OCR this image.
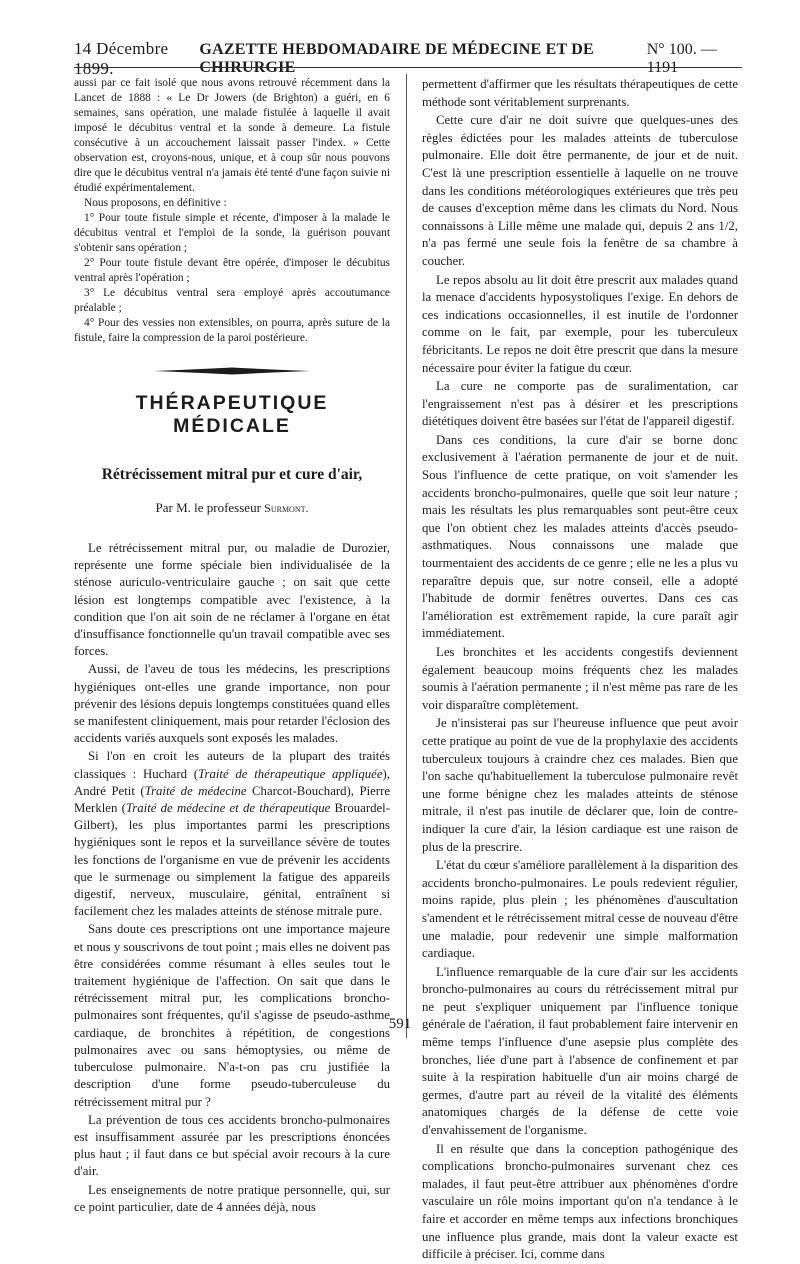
14 Décembre 1899.
GAZETTE HEBDOMADAIRE DE MÉDECINE ET DE CHIRURGIE
N° 100. — 1191

aussi par ce fait isolé que nous avons retrouvé récemment dans la Lancet de 1888 : « Le Dr Jowers (de Brighton) a guéri, en 6 semaines, sans opération, une malade fistulée à laquelle il avait imposé le décubitus ventral et la sonde à demeure. La fistule consécutive à un accouchement laissait passer l'index. » Cette observation est, croyons-nous, unique, et à coup sûr nous pouvons dire que le décubitus ventral n'a jamais été tenté d'une façon suivie ni étudié expérimentalement.

Nous proposons, en définitive :

1° Pour toute fistule simple et récente, d'imposer à la malade le décubitus ventral et l'emploi de la sonde, la guérison pouvant s'obtenir sans opération ;

2° Pour toute fistule devant être opérée, d'imposer le décubitus ventral après l'opération ;

3° Le décubitus ventral sera employé après accoutumance préalable ;

4° Pour des vessies non extensibles, on pourra, après suture de la fistule, faire la compression de la paroi postérieure.

THÉRAPEUTIQUE MÉDICALE
Rétrécissement mitral pur et cure d'air,
Par M. le professeur Surmont.

Le rétrécissement mitral pur, ou maladie de Durozier, représente une forme spéciale bien individualisée de la sténose auriculo-ventriculaire gauche ; on sait que cette lésion est longtemps compatible avec l'existence, à la condition que l'on ait soin de ne réclamer à l'organe en état d'insuffisance fonctionnelle qu'un travail compatible avec ses forces.

Aussi, de l'aveu de tous les médecins, les prescriptions hygiéniques ont-elles une grande importance, non pour prévenir des lésions depuis longtemps constituées quand elles se manifestent cliniquement, mais pour retarder l'éclosion des accidents variés auxquels sont exposés les malades.

Si l'on en croit les auteurs de la plupart des traités classiques : Huchard (Traité de thérapeutique appliquée), André Petit (Traité de médecine Charcot-Bouchard), Pierre Merklen (Traité de médecine et de thérapeutique Brouardel-Gilbert), les plus importantes parmi les prescriptions hygiéniques sont le repos et la surveillance sévère de toutes les fonctions de l'organisme en vue de prévenir les accidents que le surmenage ou simplement la fatigue des appareils digestif, nerveux, musculaire, génital, entraînent si facilement chez les malades atteints de sténose mitrale pure.

Sans doute ces prescriptions ont une importance majeure et nous y souscrivons de tout point ; mais elles ne doivent pas être considérées comme résumant à elles seules tout le traitement hygiénique de l'affection. On sait que dans le rétrécissement mitral pur, les complications broncho-pulmonaires sont fréquentes, qu'il s'agisse de pseudo-asthme cardiaque, de bronchites à répétition, de congestions pulmonaires avec ou sans hémoptysies, ou même de tuberculose pulmonaire. N'a-t-on pas cru justifiée la description d'une forme pseudo-tuberculeuse du rétrécissement mitral pur ?

La prévention de tous ces accidents broncho-pulmonaires est insuffisamment assurée par les prescriptions énoncées plus haut ; il faut dans ce but spécial avoir recours à la cure d'air.

Les enseignements de notre pratique personnelle, qui, sur ce point particulier, date de 4 années déjà, nous

permettent d'affirmer que les résultats thérapeutiques de cette méthode sont véritablement surprenants.

Cette cure d'air ne doit suivre que quelques-unes des règles édictées pour les malades atteints de tuberculose pulmonaire. Elle doit être permanente, de jour et de nuit. C'est là une prescription essentielle à laquelle on ne trouve dans les conditions météorologiques extérieures que très peu de causes d'exception même dans les climats du Nord. Nous connaissons à Lille même une malade qui, depuis 2 ans 1/2, n'a pas fermé une seule fois la fenêtre de sa chambre à coucher.

Le repos absolu au lit doit être prescrit aux malades quand la menace d'accidents hyposystoliques l'exige. En dehors de ces indications occasionnelles, il est inutile de l'ordonner comme on le fait, par exemple, pour les tuberculeux fébricitants. Le repos ne doit être prescrit que dans la mesure nécessaire pour éviter la fatigue du cœur.

La cure ne comporte pas de suralimentation, car l'engraissement n'est pas à désirer et les prescriptions diététiques doivent être basées sur l'état de l'appareil digestif.

Dans ces conditions, la cure d'air se borne donc exclusivement à l'aération permanente de jour et de nuit. Sous l'influence de cette pratique, on voit s'amender les accidents broncho-pulmonaires, quelle que soit leur nature ; mais les résultats les plus remarquables sont peut-être ceux que l'on obtient chez les malades atteints d'accès pseudo-asthmatiques. Nous connaissons une malade que tourmentaient des accidents de ce genre ; elle ne les a plus vu reparaître depuis que, sur notre conseil, elle a adopté l'habitude de dormir fenêtres ouvertes. Dans ces cas l'amélioration est extrêmement rapide, la cure paraît agir immédiatement.

Les bronchites et les accidents congestifs deviennent également beaucoup moins fréquents chez les malades soumis à l'aération permanente ; il n'est même pas rare de les voir disparaître complètement.

Je n'insisterai pas sur l'heureuse influence que peut avoir cette pratique au point de vue de la prophylaxie des accidents tuberculeux toujours à craindre chez ces malades. Bien que l'on sache qu'habituellement la tuberculose pulmonaire revêt une forme bénigne chez les malades atteints de sténose mitrale, il n'est pas inutile de déclarer que, loin de contre-indiquer la cure d'air, la lésion cardiaque est une raison de plus de la prescrire.

L'état du cœur s'améliore parallèlement à la disparition des accidents broncho-pulmonaires. Le pouls redevient régulier, moins rapide, plus plein ; les phénomènes d'auscultation s'amendent et le rétrécissement mitral cesse de nouveau d'être une maladie, pour redevenir une simple malformation cardiaque.

L'influence remarquable de la cure d'air sur les accidents broncho-pulmonaires au cours du rétrécissement mitral pur ne peut s'expliquer uniquement par l'influence tonique générale de l'aération, il faut probablement faire intervenir en même temps l'influence d'une asepsie plus complète des bronches, liée d'une part à l'absence de confinement et par suite à la respiration habituelle d'un air moins chargé de germes, d'autre part au réveil de la vitalité des éléments anatomiques chargés de la défense de cette voie d'envahissement de l'organisme.

Il en résulte que dans la conception pathogénique des complications broncho-pulmonaires survenant chez ces malades, il faut peut-être attribuer aux phénomènes d'ordre vasculaire un rôle moins important qu'on n'a tendance à le faire et accorder en même temps aux infections bronchiques une influence plus grande, mais dont la valeur exacte est difficile à préciser. Ici, comme dans

591
